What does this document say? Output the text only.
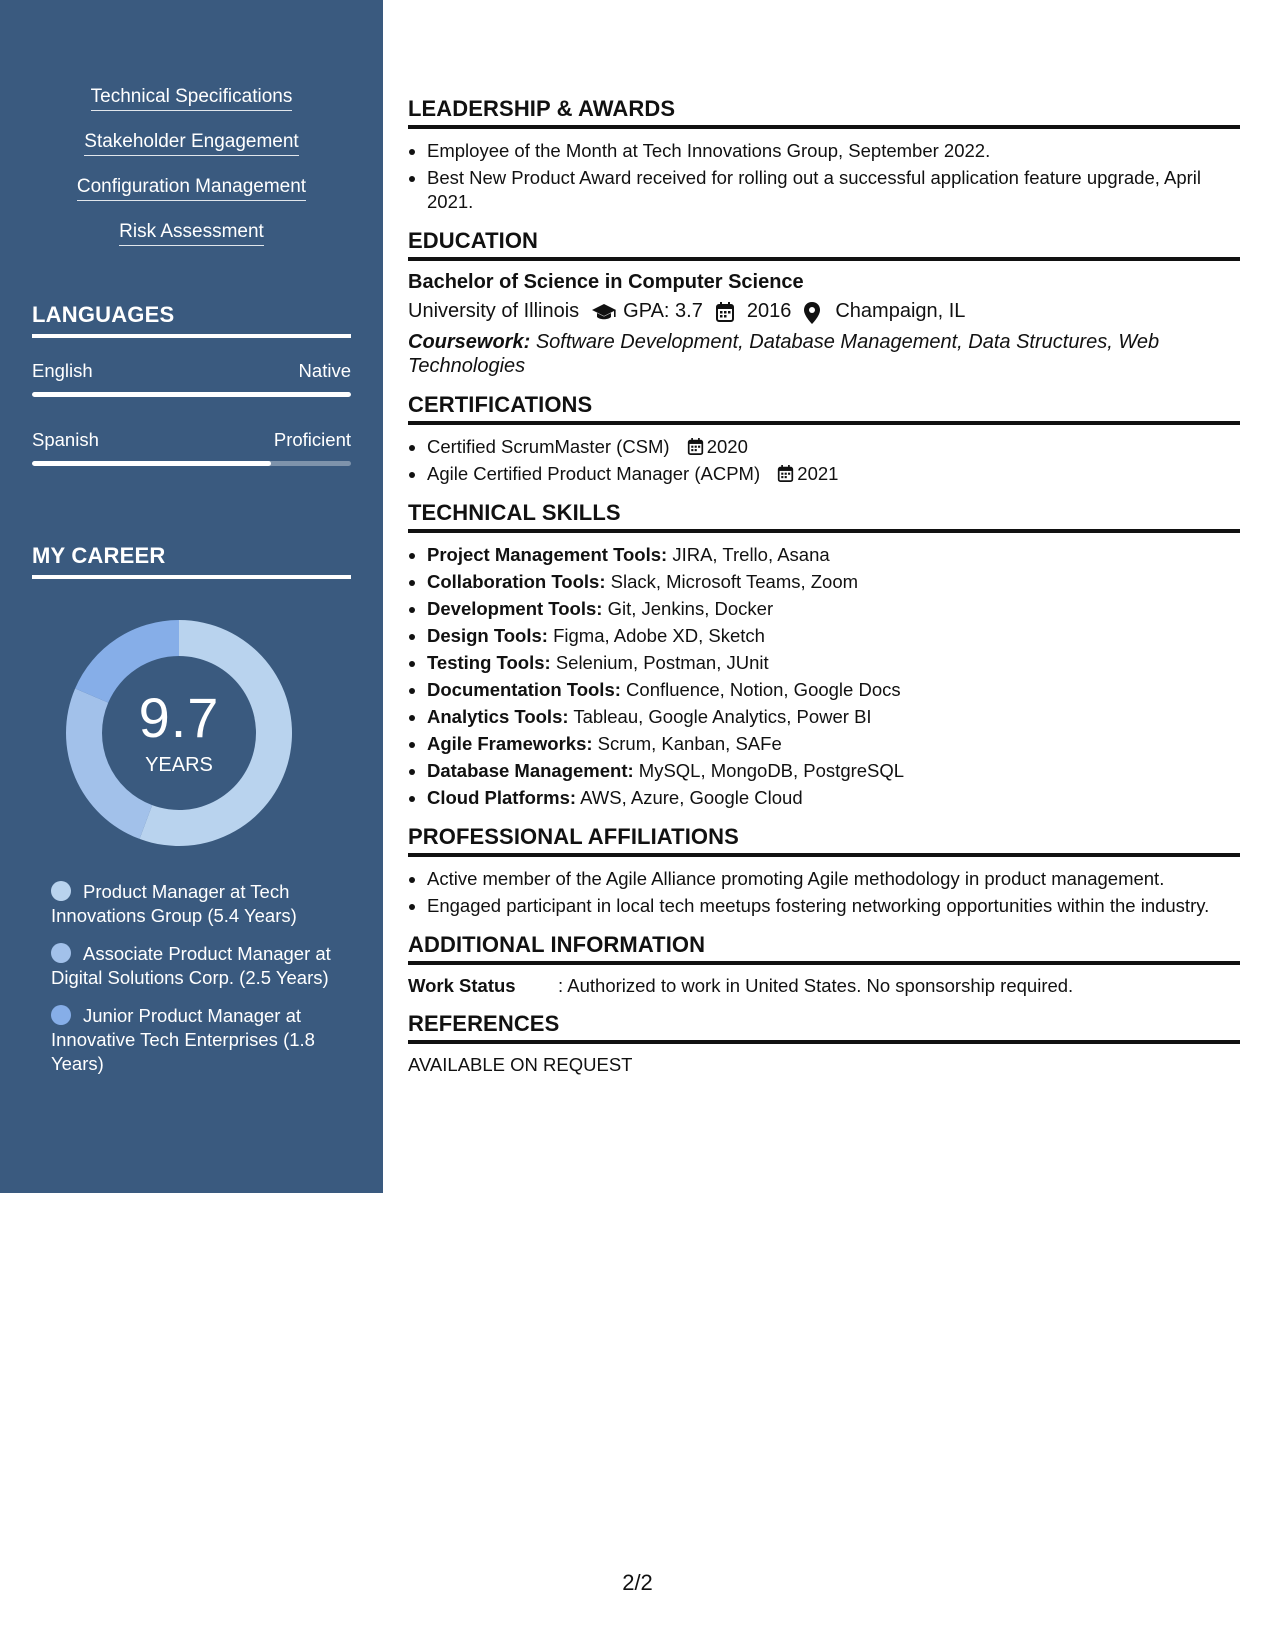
Technical Specifications
Stakeholder Engagement
Configuration Management
Risk Assessment
LANGUAGES
English	Native
Spanish	Proficient
MY CAREER
9.7
YEARS
Product Manager at Tech Innovations Group (5.4 Years)
Associate Product Manager at Digital Solutions Corp. (2.5 Years)
Junior Product Manager at Innovative Tech Enterprises (1.8 Years)
LEADERSHIP & AWARDS
• Employee of the Month at Tech Innovations Group, September 2022.
• Best New Product Award received for rolling out a successful application feature upgrade, April 2021.
EDUCATION
Bachelor of Science in Computer Science
University of Illinois GPA: 3.7 2016 Champaign, IL
Coursework: Software Development, Database Management, Data Structures, Web Technologies
CERTIFICATIONS
• Certified ScrumMaster (CSM) 2020
• Agile Certified Product Manager (ACPM) 2021
TECHNICAL SKILLS
• Project Management Tools: JIRA, Trello, Asana
• Collaboration Tools: Slack, Microsoft Teams, Zoom
• Development Tools: Git, Jenkins, Docker
• Design Tools: Figma, Adobe XD, Sketch
• Testing Tools: Selenium, Postman, JUnit
• Documentation Tools: Confluence, Notion, Google Docs
• Analytics Tools: Tableau, Google Analytics, Power BI
• Agile Frameworks: Scrum, Kanban, SAFe
• Database Management: MySQL, MongoDB, PostgreSQL
• Cloud Platforms: AWS, Azure, Google Cloud
PROFESSIONAL AFFILIATIONS
• Active member of the Agile Alliance promoting Agile methodology in product management.
• Engaged participant in local tech meetups fostering networking opportunities within the industry.
ADDITIONAL INFORMATION
Work Status	: Authorized to work in United States. No sponsorship required.
REFERENCES
AVAILABLE ON REQUEST
2/2
